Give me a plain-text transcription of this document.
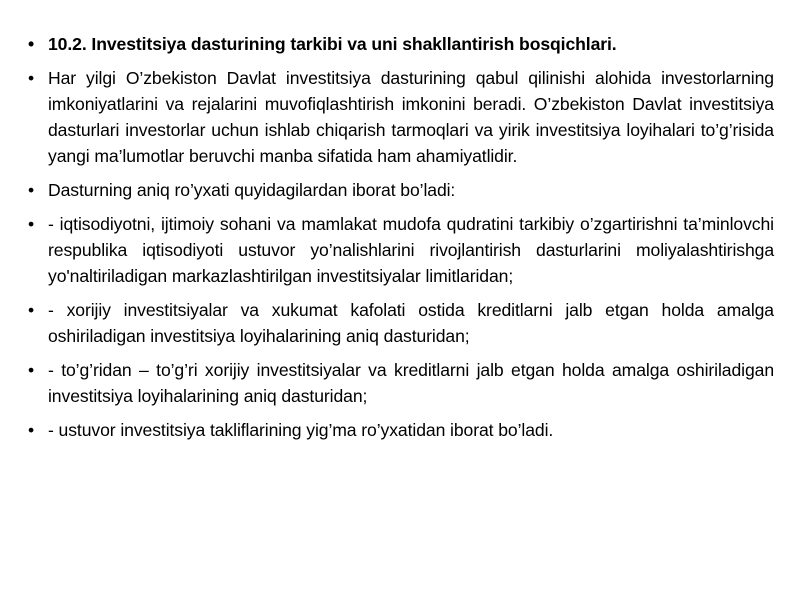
• 10.2. Investitsiya dasturining tarkibi va uni shakllantirish bosqichlari.
• Har yilgi O’zbekiston Davlat investitsiya dasturining qabul qilinishi alohida investorlarning imkoniyatlarini va rejalarini muvofiqlashtirish imkonini beradi. O’zbekiston Davlat investitsiya dasturlari investorlar uchun ishlab chiqarish tarmoqlari va yirik investitsiya loyihalari to’g’risida yangi ma’lumotlar beruvchi manba sifatida ham ahamiyatlidir.
• Dasturning aniq ro’yxati quyidagilardan iborat bo’ladi:
• - iqtisodiyotni, ijtimoiy sohani va mamlakat mudofa qudratini tarkibiy o’zgartirishni ta’minlovchi respublika iqtisodiyoti ustuvor yo’nalishlarini rivojlantirish dasturlarini moliyalashtirishga yo'naltiriladigan markazlashtirilgan investitsiyalar limitlaridan;
• - xorijiy investitsiyalar va xukumat kafolati ostida kreditlarni jalb etgan holda amalga oshiriladigan investitsiya loyihalarining aniq dasturidan;
• - to’g’ridan – to’g’ri xorijiy investitsiyalar va kreditlarni jalb etgan holda amalga oshiriladigan investitsiya loyihalarining aniq dasturidan;
• - ustuvor investitsiya takliflarining yig’ma ro’yxatidan iborat bo’ladi.
